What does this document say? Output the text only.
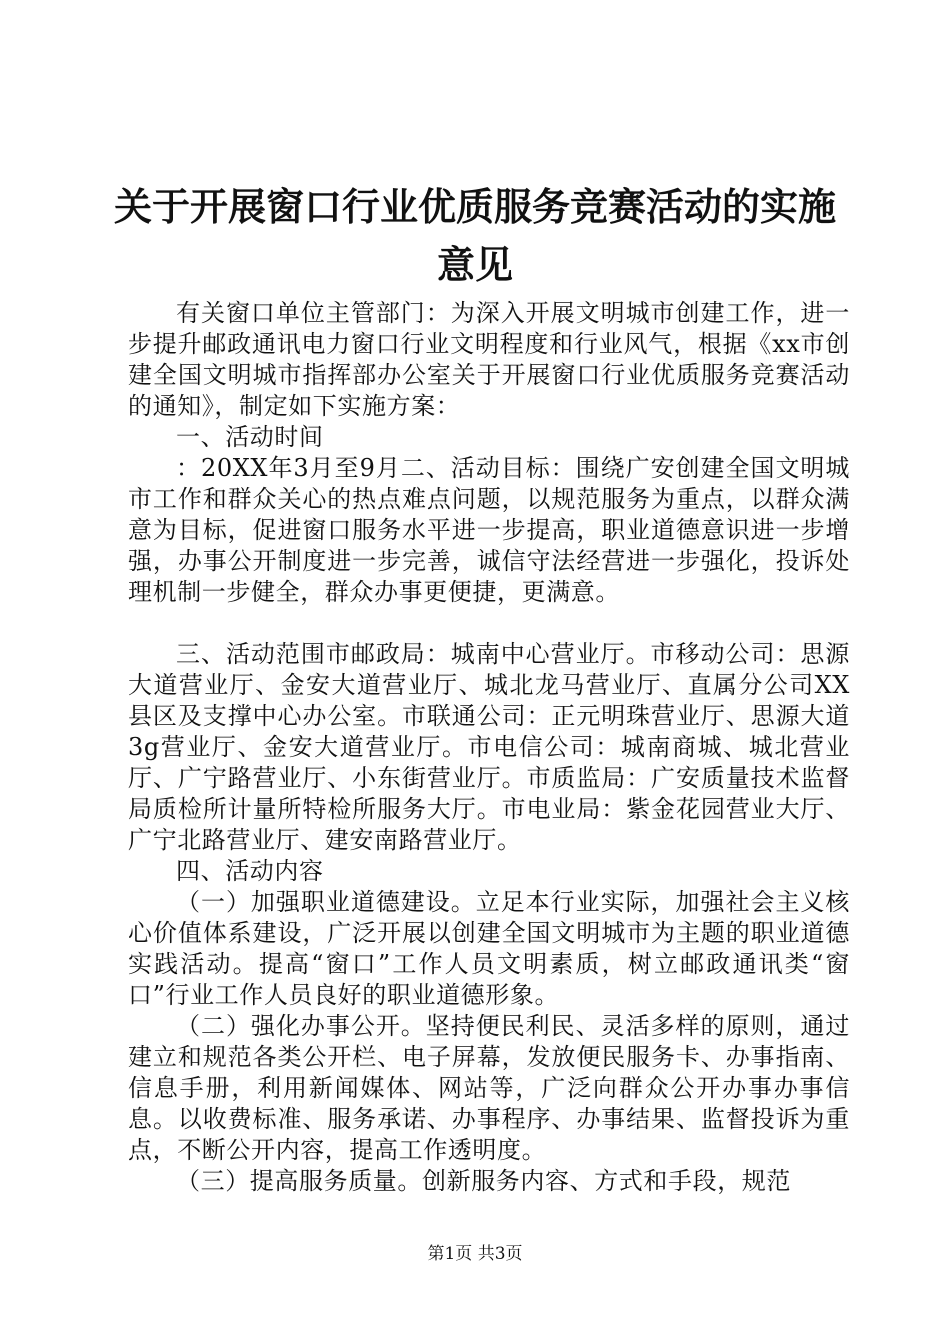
关于开展窗口行业优质服务竞赛活动的实施意见

有关窗口单位主管部门：为深入开展文明城市创建工作，进一步提升邮政通讯电力窗口行业文明程度和行业风气，根据《xx市创建全国文明城市指挥部办公室关于开展窗口行业优质服务竞赛活动的通知》，制定如下实施方案：

一、活动时间

：20XX年3月至9月二、活动目标：围绕广安创建全国文明城市工作和群众关心的热点难点问题，以规范服务为重点，以群众满意为目标，促进窗口服务水平进一步提高，职业道德意识进一步增强，办事公开制度进一步完善，诚信守法经营进一步强化，投诉处理机制一步健全，群众办事更便捷，更满意。

三、活动范围市邮政局：城南中心营业厅。市移动公司：思源大道营业厅、金安大道营业厅、城北龙马营业厅、直属分公司XX县区及支撑中心办公室。市联通公司：正元明珠营业厅、思源大道3g营业厅、金安大道营业厅。市电信公司：城南商城、城北营业厅、广宁路营业厅、小东街营业厅。市质监局：广安质量技术监督局质检所计量所特检所服务大厅。市电业局：紫金花园营业大厅、广宁北路营业厅、建安南路营业厅。

四、活动内容

（一）加强职业道德建设。立足本行业实际，加强社会主义核心价值体系建设，广泛开展以创建全国文明城市为主题的职业道德实践活动。提高“窗口”工作人员文明素质，树立邮政通讯类“窗口”行业工作人员良好的职业道德形象。

（二）强化办事公开。坚持便民利民、灵活多样的原则，通过建立和规范各类公开栏、电子屏幕，发放便民服务卡、办事指南、信息手册，利用新闻媒体、网站等，广泛向群众公开办事办事信息。以收费标准、服务承诺、办事程序、办事结果、监督投诉为重点，不断公开内容，提高工作透明度。

（三）提高服务质量。创新服务内容、方式和手段，规范

第1页 共3页
